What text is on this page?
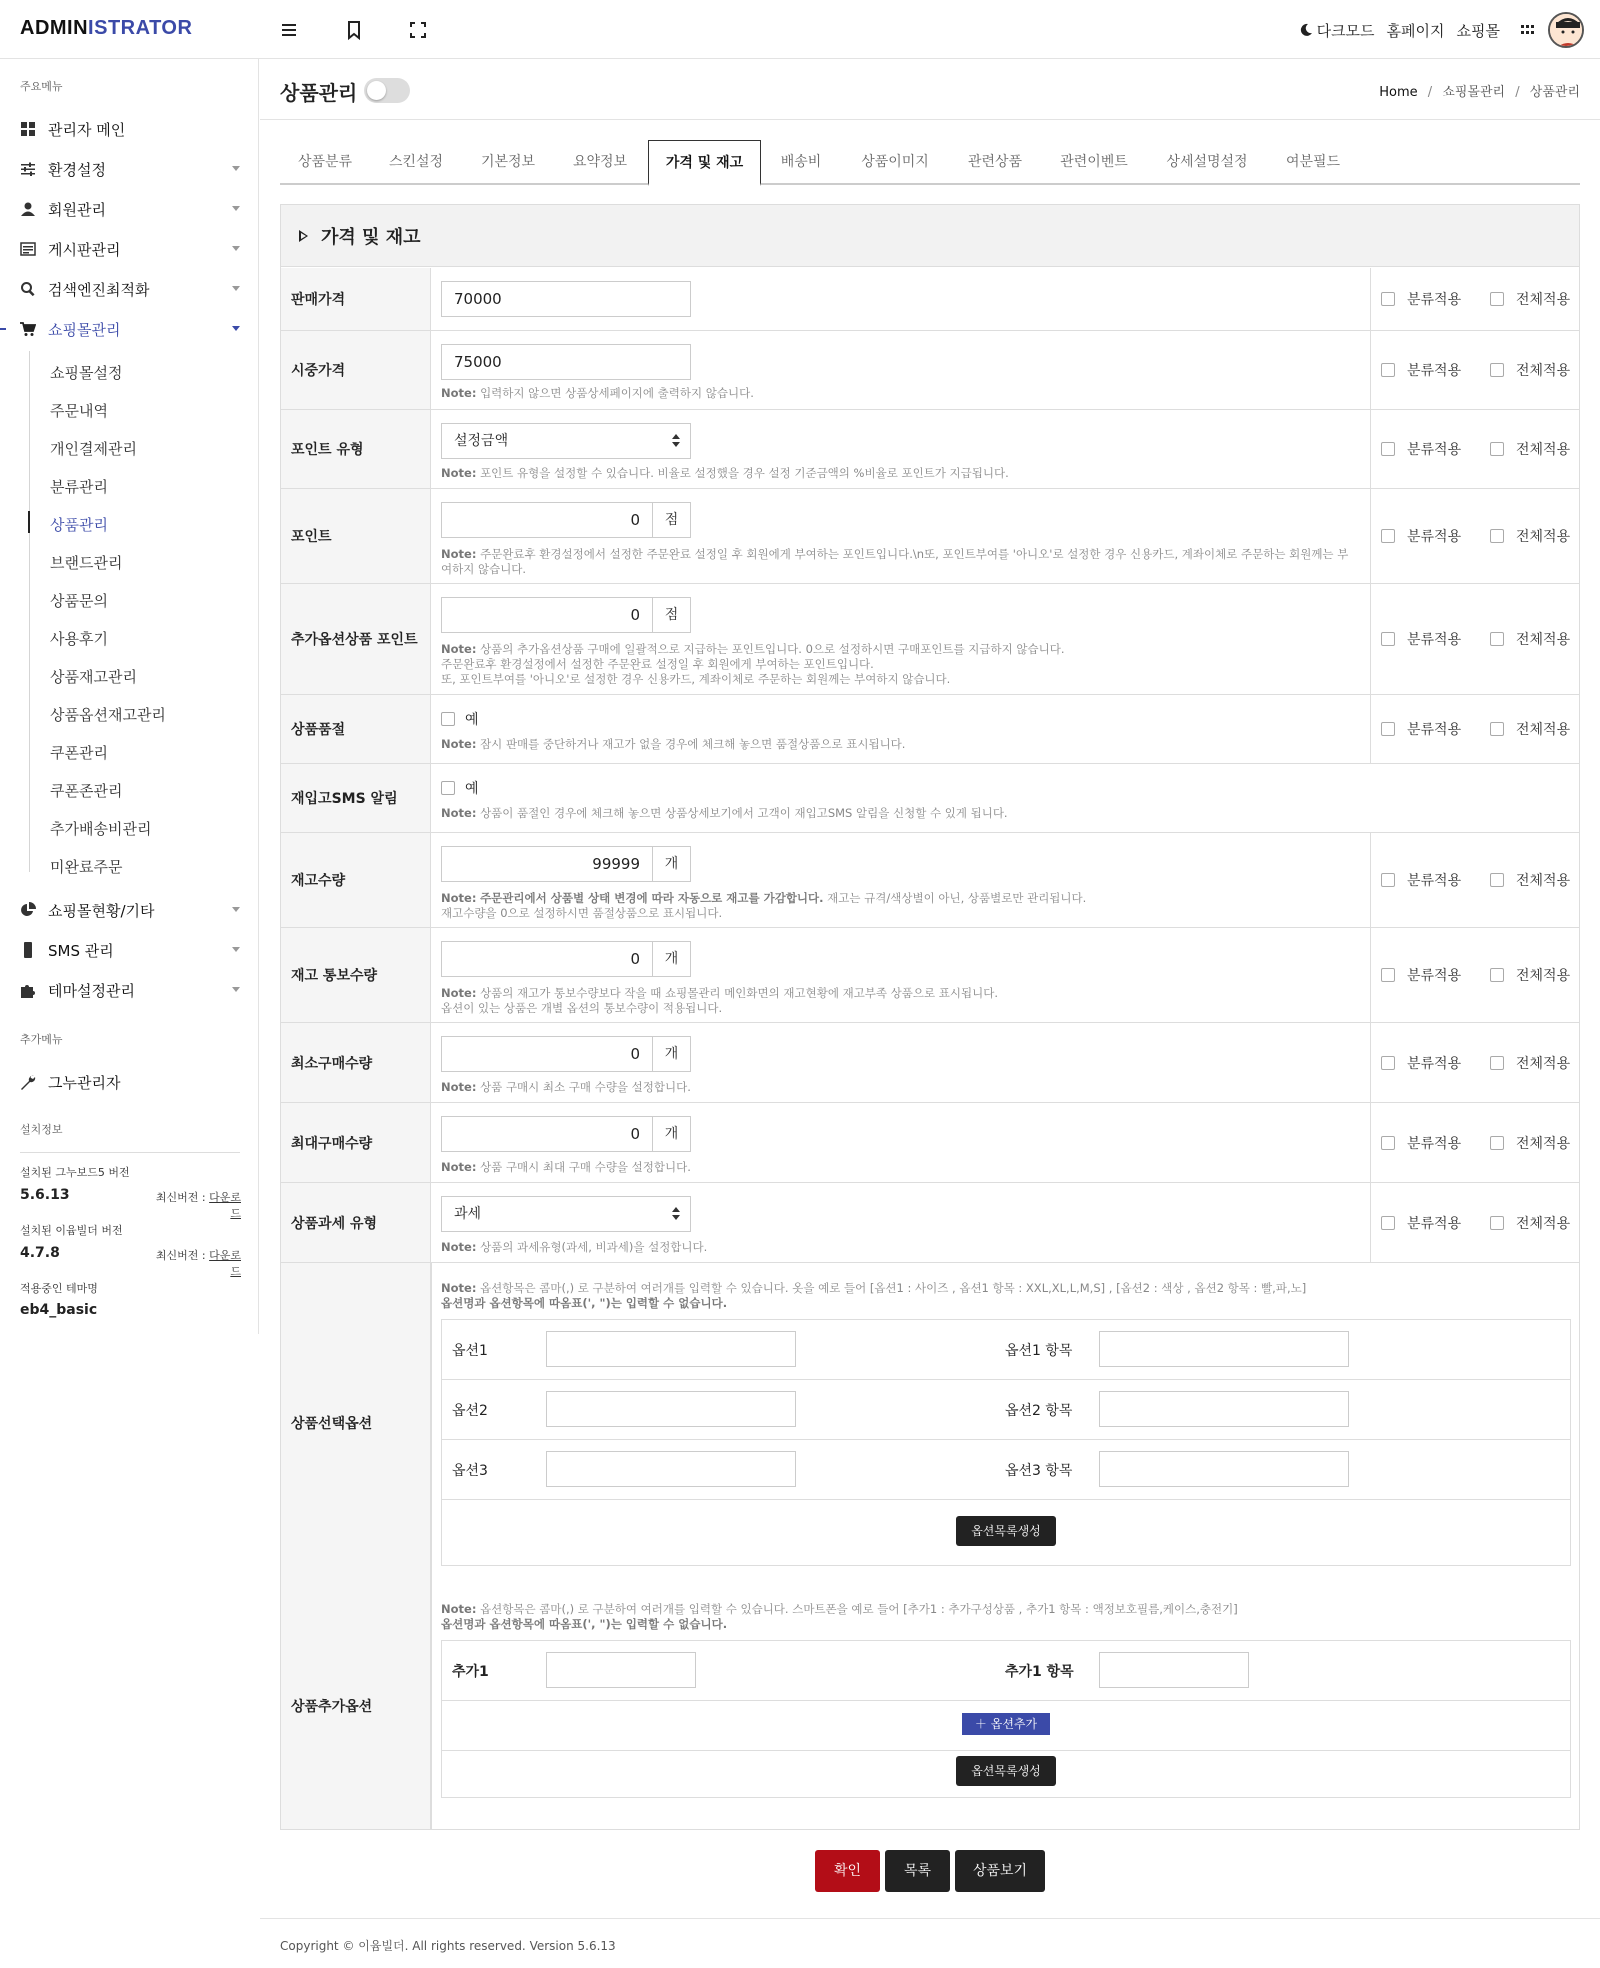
ADMINISTRATOR	다크모드 홈페이지 쇼핑몰
주요메뉴
관리자 메인
환경설정
회원관리
게시판관리
검색엔진최적화
쇼핑몰관리
쇼핑몰설정
주문내역
개인결제관리
분류관리
상품관리
브랜드관리
상품문의
사용후기
상품재고관리
상품옵션재고관리
쿠폰관리
쿠폰존관리
추가배송비관리
미완료주문
쇼핑몰현황/기타
SMS 관리
테마설정관리
추가메뉴
그누관리자
설치정보
설치된 그누보드5 버전
5.6.13	최신버전 : 다운로드
설치된 이윰빌더 버전
4.7.8	최신버전 : 다운로드
적용중인 테마명
eb4_basic
상품관리	Home / 쇼핑몰관리 / 상품관리
상품분류	스킨설정	기본정보	요약정보	가격 및 재고	배송비	상품이미지	관련상품	관련이벤트	상세설명설정	여분필드
가격 및 재고
판매가격	70000	분류적용	전체적용
시중가격	75000
Note: 입력하지 않으면 상품상세페이지에 출력하지 않습니다.
분류적용	전체적용
포인트 유형
설정금액
Note: 포인트 유형을 설정할 수 있습니다. 비율로 설정했을 경우 설정 기준금액의 %비율로 포인트가 지급됩니다.
분류적용	전체적용
포인트
0	점
Note: 주문완료후 환경설정에서 설정한 주문완료 설정일 후 회원에게 부여하는 포인트입니다.\n또, 포인트부여를 '아니오'로 설정한 경우 신용카드, 계좌이체로 주문하는 회원께는 부
여하지 않습니다.
분류적용	전체적용
추가옵션상품 포인트
0	점
Note: 상품의 추가옵션상품 구매에 일괄적으로 지급하는 포인트입니다. 0으로 설정하시면 구매포인트를 지급하지 않습니다.
주문완료후 환경설정에서 설정한 주문완료 설정일 후 회원에게 부여하는 포인트입니다.
또, 포인트부여를 '아니오'로 설정한 경우 신용카드, 계좌이체로 주문하는 회원께는 부여하지 않습니다.
분류적용	전체적용
상품품절
예
Note: 잠시 판매를 중단하거나 재고가 없을 경우에 체크해 놓으면 품절상품으로 표시됩니다.
분류적용	전체적용
재입고SMS 알림
예
Note: 상품이 품절인 경우에 체크해 놓으면 상품상세보기에서 고객이 재입고SMS 알림을 신청할 수 있게 됩니다.
재고수량
99999	개
Note: 주문관리에서 상품별 상태 변경에 따라 자동으로 재고를 가감합니다. 재고는 규격/색상별이 아닌, 상품별로만 관리됩니다.
재고수량을 0으로 설정하시면 품절상품으로 표시됩니다.
분류적용	전체적용
재고 통보수량
0	개
Note: 상품의 재고가 통보수량보다 작을 때 쇼핑몰관리 메인화면의 재고현황에 재고부족 상품으로 표시됩니다.
옵션이 있는 상품은 개별 옵션의 통보수량이 적용됩니다.
분류적용	전체적용
최소구매수량
0	개
Note: 상품 구매시 최소 구매 수량을 설정합니다.
분류적용	전체적용
최대구매수량
0	개
Note: 상품 구매시 최대 구매 수량을 설정합니다.
분류적용	전체적용
상품과세 유형
과세
Note: 상품의 과세유형(과세, 비과세)을 설정합니다.
분류적용	전체적용
상품선택옵션
Note: 옵션항목은 콤마(,) 로 구분하여 여러개를 입력할 수 있습니다. 옷을 예로 들어 [옵션1 : 사이즈 , 옵션1 항목 : XXL,XL,L,M,S] , [옵션2 : 색상 , 옵션2 항목 : 빨,파,노]
옵션명과 옵션항목에 따옴표(', ")는 입력할 수 없습니다.
옵션1	옵션1 항목
옵션2	옵션2 항목
옵션3	옵션3 항목
옵션목록생성
상품추가옵션
Note: 옵션항목은 콤마(,) 로 구분하여 여러개를 입력할 수 있습니다. 스마트폰을 예로 들어 [추가1 : 추가구성상품 , 추가1 항목 : 액정보호필름,케이스,충전기]
옵션명과 옵션항목에 따옴표(', ")는 입력할 수 없습니다.
추가1	추가1 항목
＋ 옵션추가
옵션목록생성
확인	목록	상품보기
Copyright © 이윰빌더. All rights reserved. Version 5.6.13
